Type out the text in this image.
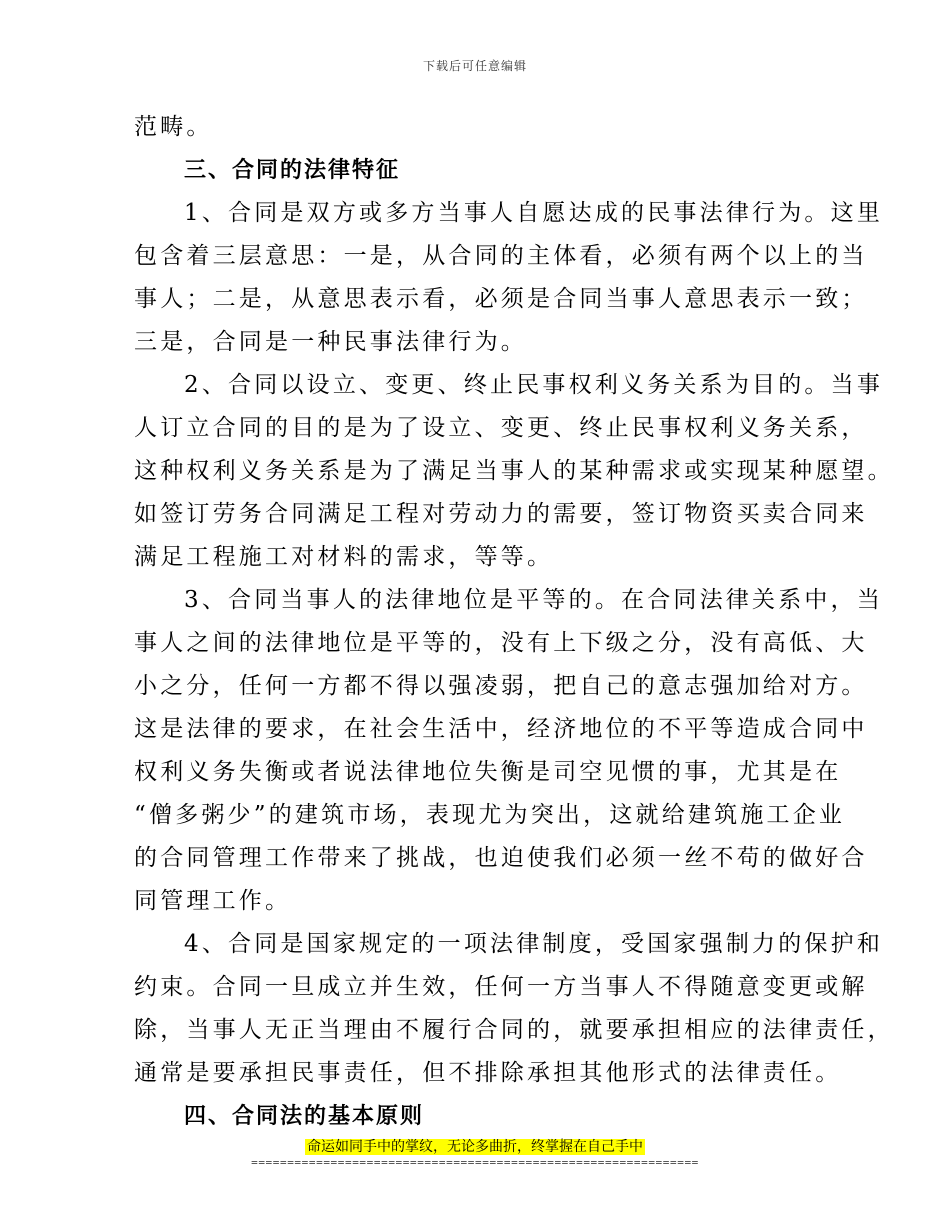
下载后可任意编辑
范畴。
三、合同的法律特征
1、合同是双方或多方当事人自愿达成的民事法律行为。这里
包含着三层意思：一是，从合同的主体看，必须有两个以上的当
事人；二是，从意思表示看，必须是合同当事人意思表示一致；
三是，合同是一种民事法律行为。
2、合同以设立、变更、终止民事权利义务关系为目的。当事
人订立合同的目的是为了设立、变更、终止民事权利义务关系，
这种权利义务关系是为了满足当事人的某种需求或实现某种愿望。
如签订劳务合同满足工程对劳动力的需要，签订物资买卖合同来
满足工程施工对材料的需求，等等。
3、合同当事人的法律地位是平等的。在合同法律关系中，当
事人之间的法律地位是平等的，没有上下级之分，没有高低、大
小之分，任何一方都不得以强凌弱，把自己的意志强加给对方。
这是法律的要求，在社会生活中，经济地位的不平等造成合同中
权利义务失衡或者说法律地位失衡是司空见惯的事，尤其是在
“僧多粥少”的建筑市场，表现尤为突出，这就给建筑施工企业
的合同管理工作带来了挑战，也迫使我们必须一丝不苟的做好合
同管理工作。
4、合同是国家规定的一项法律制度，受国家强制力的保护和
约束。合同一旦成立并生效，任何一方当事人不得随意变更或解
除，当事人无正当理由不履行合同的，就要承担相应的法律责任，
通常是要承担民事责任，但不排除承担其他形式的法律责任。
四、合同法的基本原则
命运如同手中的掌纹，无论多曲折，终掌握在自己手中
==============================================================
